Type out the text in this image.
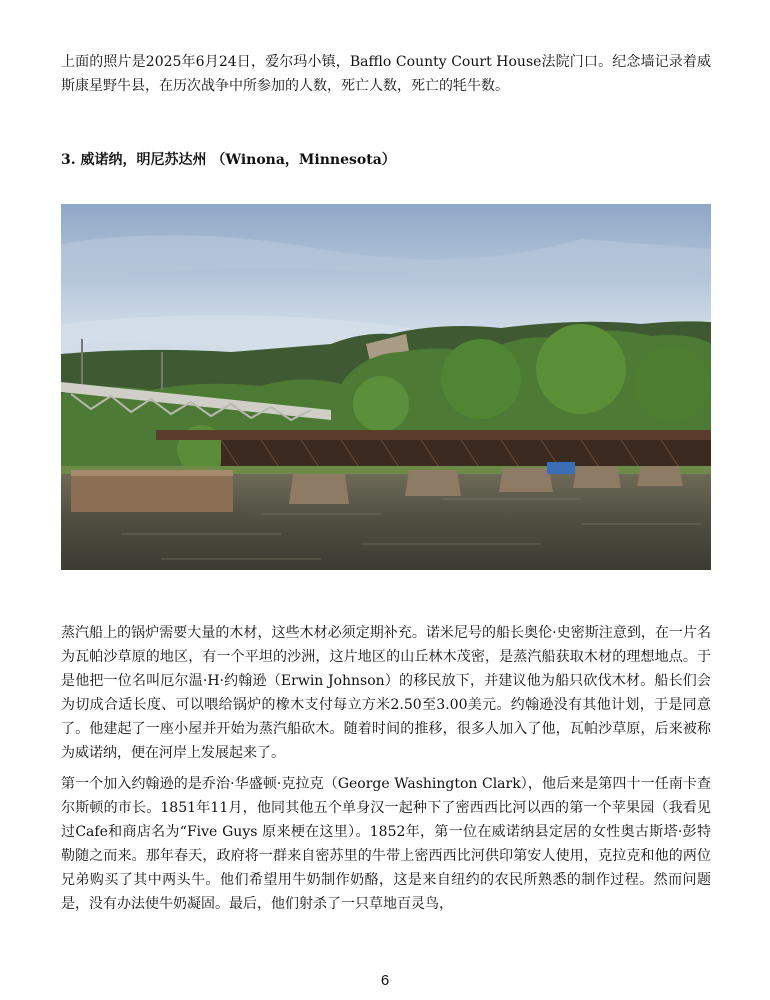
上面的照片是2025年6月24日，爱尔玛小镇，Bafflo County Court House法院门口。纪念墙记录着威斯康星野牛县，在历次战争中所参加的人数，死亡人数，死亡的牦牛数。

3. 威诺纳，明尼苏达州 （Winona，Minnesota）

蒸汽船上的锅炉需要大量的木材，这些木材必须定期补充。诺米尼号的船长奥伦·史密斯注意到，在一片名为瓦帕沙草原的地区，有一个平坦的沙洲，这片地区的山丘林木茂密，是蒸汽船获取木材的理想地点。于是他把一位名叫厄尔温·H·约翰逊（Erwin Johnson）的移民放下，并建议他为船只砍伐木材。船长们会为切成合适长度、可以喂给锅炉的橡木支付每立方米2.50至3.00美元。约翰逊没有其他计划，于是同意了。他建起了一座小屋并开始为蒸汽船砍木。随着时间的推移，很多人加入了他，瓦帕沙草原，后来被称为威诺纳，便在河岸上发展起来了。

第一个加入约翰逊的是乔治·华盛顿·克拉克（George Washington Clark），他后来是第四十一任南卡查尔斯顿的市长。1851年11月，他同其他五个单身汉一起种下了密西西比河以西的第一个苹果园（我看见过Cafe和商店名为“Five Guys 原来梗在这里）。1852年，第一位在威诺纳县定居的女性奥古斯塔·彭特勒随之而来。那年春天，政府将一群来自密苏里的牛带上密西西比河供印第安人使用，克拉克和他的两位兄弟购买了其中两头牛。他们希望用牛奶制作奶酪，这是来自纽约的农民所熟悉的制作过程。然而问题是，没有办法使牛奶凝固。最后，他们射杀了一只草地百灵鸟，

6
